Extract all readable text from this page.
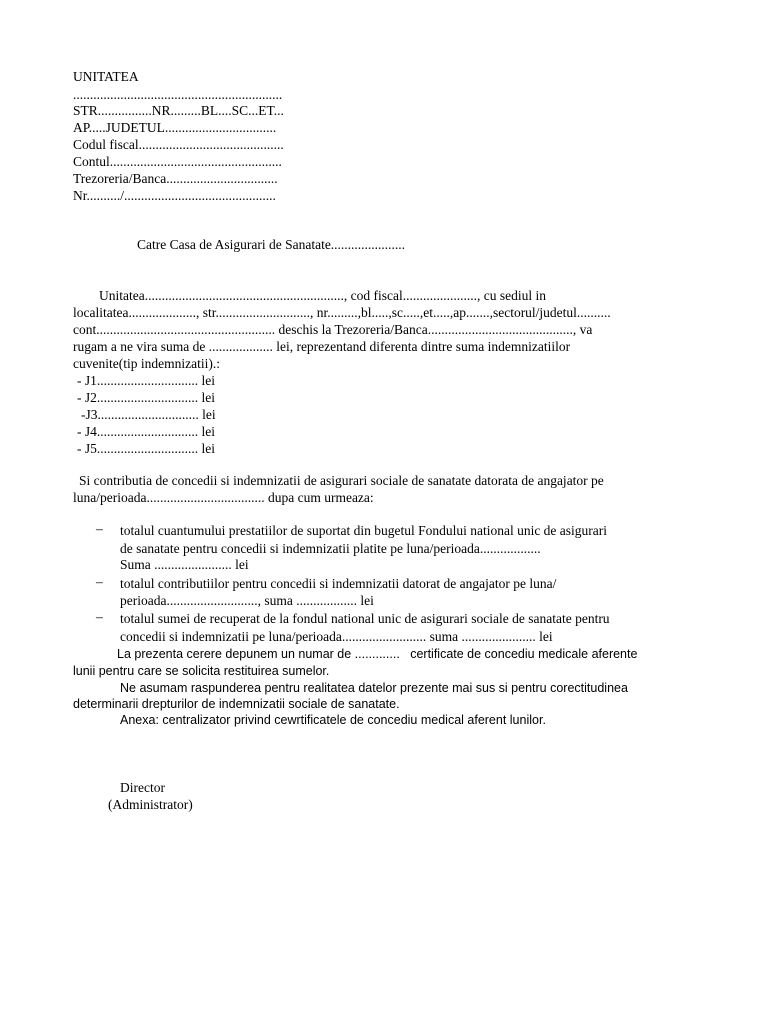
UNITATEA
..............................................................
STR................NR.........BL....SC...ET...
AP.....JUDETUL.................................
Codul fiscal...........................................
Contul...................................................
Trezoreria/Banca.................................
Nr........../.............................................
Catre Casa de Asigurari de Sanatate......................
Unitatea..........................................................., cod fiscal......................, cu sediul in
localitatea...................., str............................, nr.........,bl.....,sc.....,et.....,ap.......,sectorul/judetul..........
cont..................................................... deschis la Trezoreria/Banca..........................................., va
rugam a ne vira suma de ................... lei, reprezentand diferenta dintre suma indemnizatiilor
cuvenite(tip indemnizatii).:
- J1.............................. lei
- J2.............................. lei
-J3.............................. lei
- J4.............................. lei
- J5.............................. lei
Si contributia de concedii si indemnizatii de asigurari sociale de sanatate datorata de angajator pe
luna/perioada................................... dupa cum urmeaza:
– totalul cuantumului prestatiilor de suportat din bugetul Fondului national unic de asigurari
de sanatate pentru concedii si indemnizatii platite pe luna/perioada..................
Suma ....................... lei
– totalul contributiilor pentru concedii si indemnizatii datorat de angajator pe luna/
perioada..........................., suma .................. lei
– totalul sumei de recuperat de la fondul national unic de asigurari sociale de sanatate pentru
concedii si indemnizatii pe luna/perioada......................... suma ...................... lei
La prezenta cerere depunem un numar de .............   certificate de concediu medicale aferente
lunii pentru care se solicita restituirea sumelor.
Ne asumam raspunderea pentru realitatea datelor prezente mai sus si pentru corectitudinea
determinarii drepturilor de indemnizatii sociale de sanatate.
Anexa: centralizator privind cewrtificatele de concediu medical aferent lunilor.
Director
(Administrator)
